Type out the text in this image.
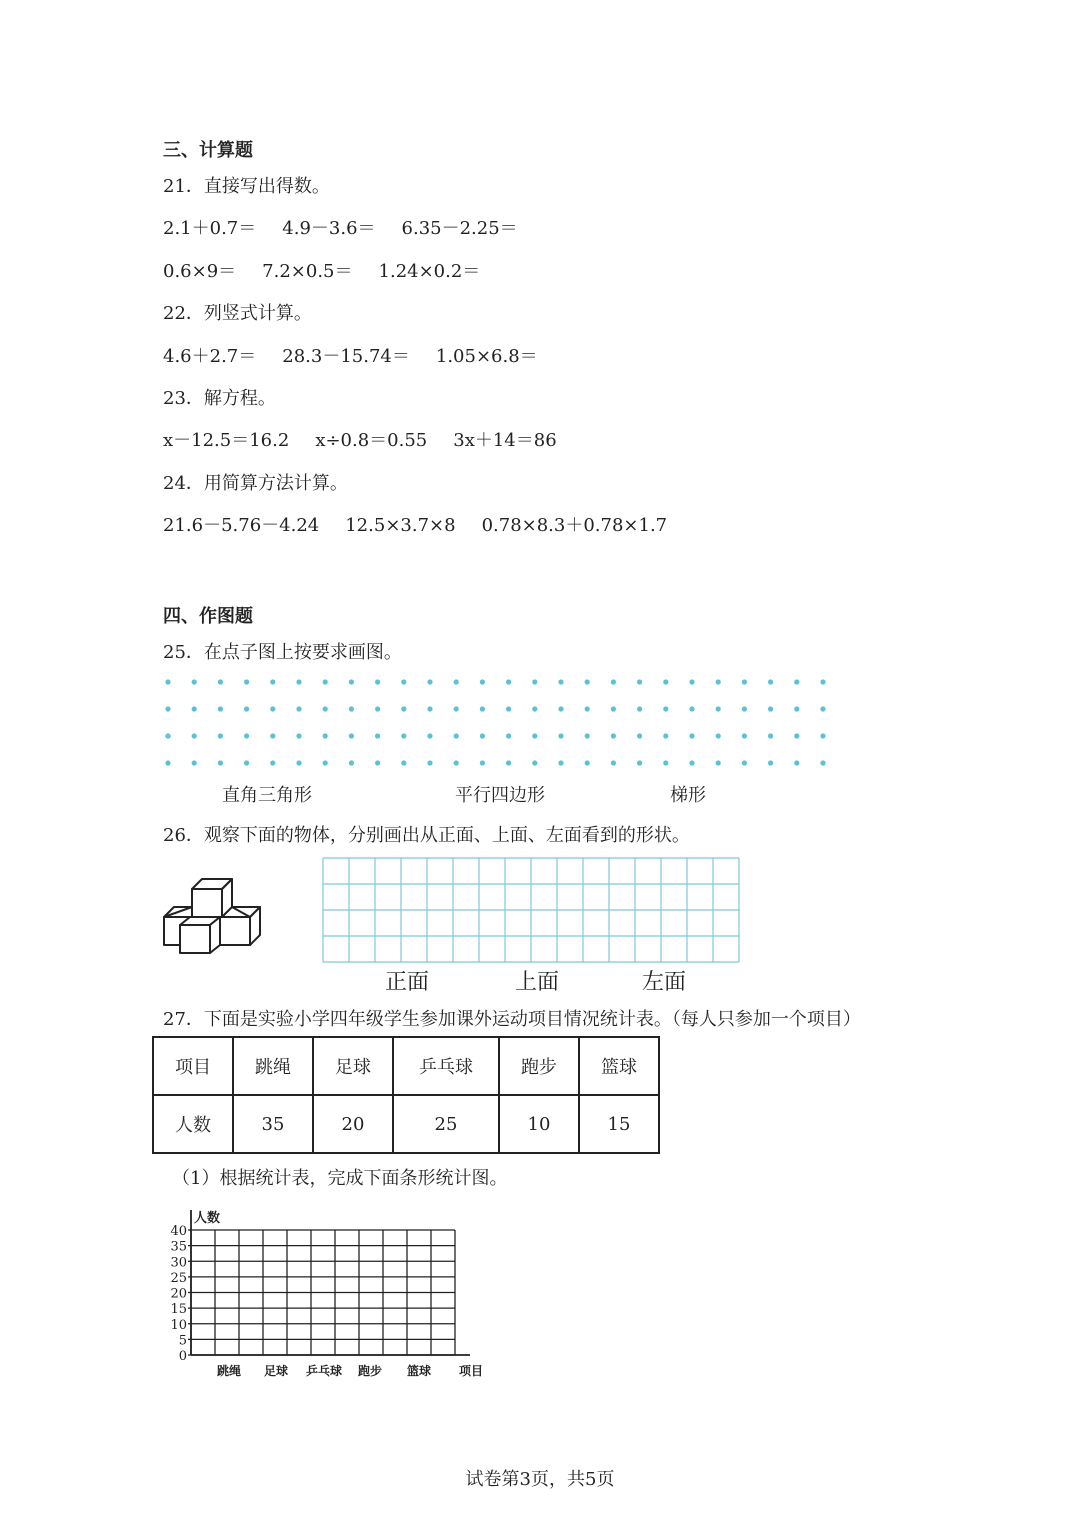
三、计算题
21．直接写出得数。
2.1＋0.7＝ 4.9－3.6＝ 6.35－2.25＝
0.6×9＝ 7.2×0.5＝ 1.24×0.2＝
22．列竖式计算。
4.6＋2.7＝ 28.3－15.74＝ 1.05×6.8＝
23．解方程。
x－12.5＝16.2 x÷0.8＝0.55 3x＋14＝86
24．用简算方法计算。
21.6－5.76－4.24 12.5×3.7×8 0.78×8.3＋0.78×1.7
四、作图题
25．在点子图上按要求画图。
直角三角形	平行四边形	梯形
26．观察下面的物体，分别画出从正面、上面、左面看到的形状。
正面	上面	左面
27．下面是实验小学四年级学生参加课外运动项目情况统计表。（每人只参加一个项目）
项目	跳绳	足球	乒乓球	跑步	篮球
人数	35	20	25	10	15
（1）根据统计表，完成下面条形统计图。
0
5
10
15
20
25
30
35
40
人数
跳绳 足球 乒乓球 跑步 篮球 项目
试卷第3页，共5页
